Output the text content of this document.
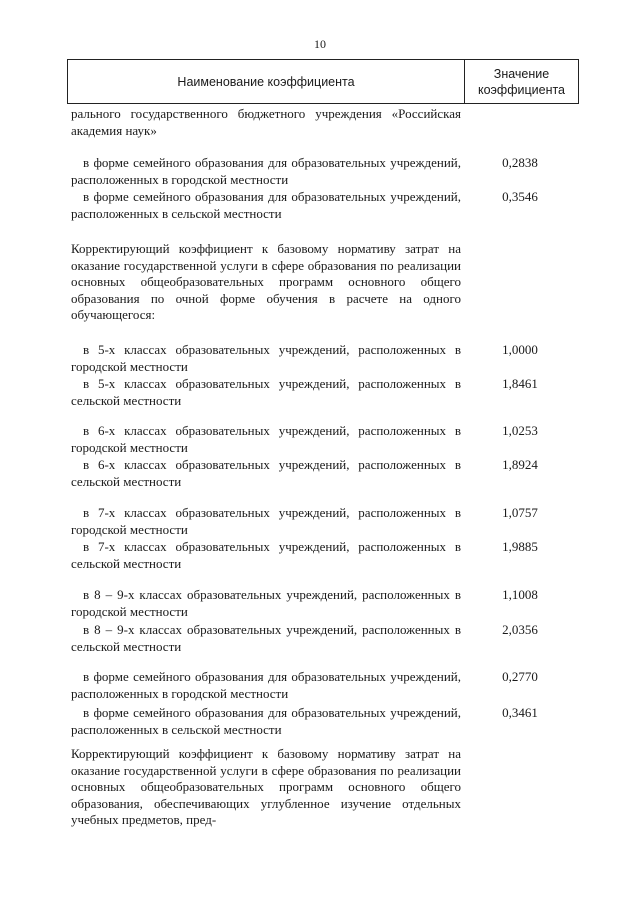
10
Наименование коэффициента
Значение
коэффициента
рального государственного бюджетного учреждения «Российская академия наук»
в форме семейного образования для образовательных учреждений, расположенных в городской местности
0,2838
в форме семейного образования для образовательных учреждений, расположенных в сельской местности
0,3546
Корректирующий коэффициент к базовому нормативу затрат на оказание государственной услуги в сфере образования по реализации основных общеобразовательных программ основного общего образования по очной форме обучения в расчете на одного обучающегося:
в 5-х классах образовательных учреждений, расположенных в городской местности
1,0000
в 5-х классах образовательных учреждений, расположенных в сельской местности
1,8461
в 6-х классах образовательных учреждений, расположенных в городской местности
1,0253
в 6-х классах образовательных учреждений, расположенных в сельской местности
1,8924
в 7-х классах образовательных учреждений, расположенных в городской местности
1,0757
в 7-х классах образовательных учреждений, расположенных в сельской местности
1,9885
в 8 – 9-х классах образовательных учреждений, расположенных в городской местности
1,1008
в 8 – 9-х классах образовательных учреждений, расположенных в сельской местности
2,0356
в форме семейного образования для образовательных учреждений, расположенных в городской местности
0,2770
в форме семейного образования для образовательных учреждений, расположенных в сельской местности
0,3461
Корректирующий коэффициент к базовому нормативу затрат на оказание государственной услуги в сфере образования по реализации основных общеобразовательных программ основного общего образования, обеспечивающих углубленное изучение отдельных учебных предметов, пред-
